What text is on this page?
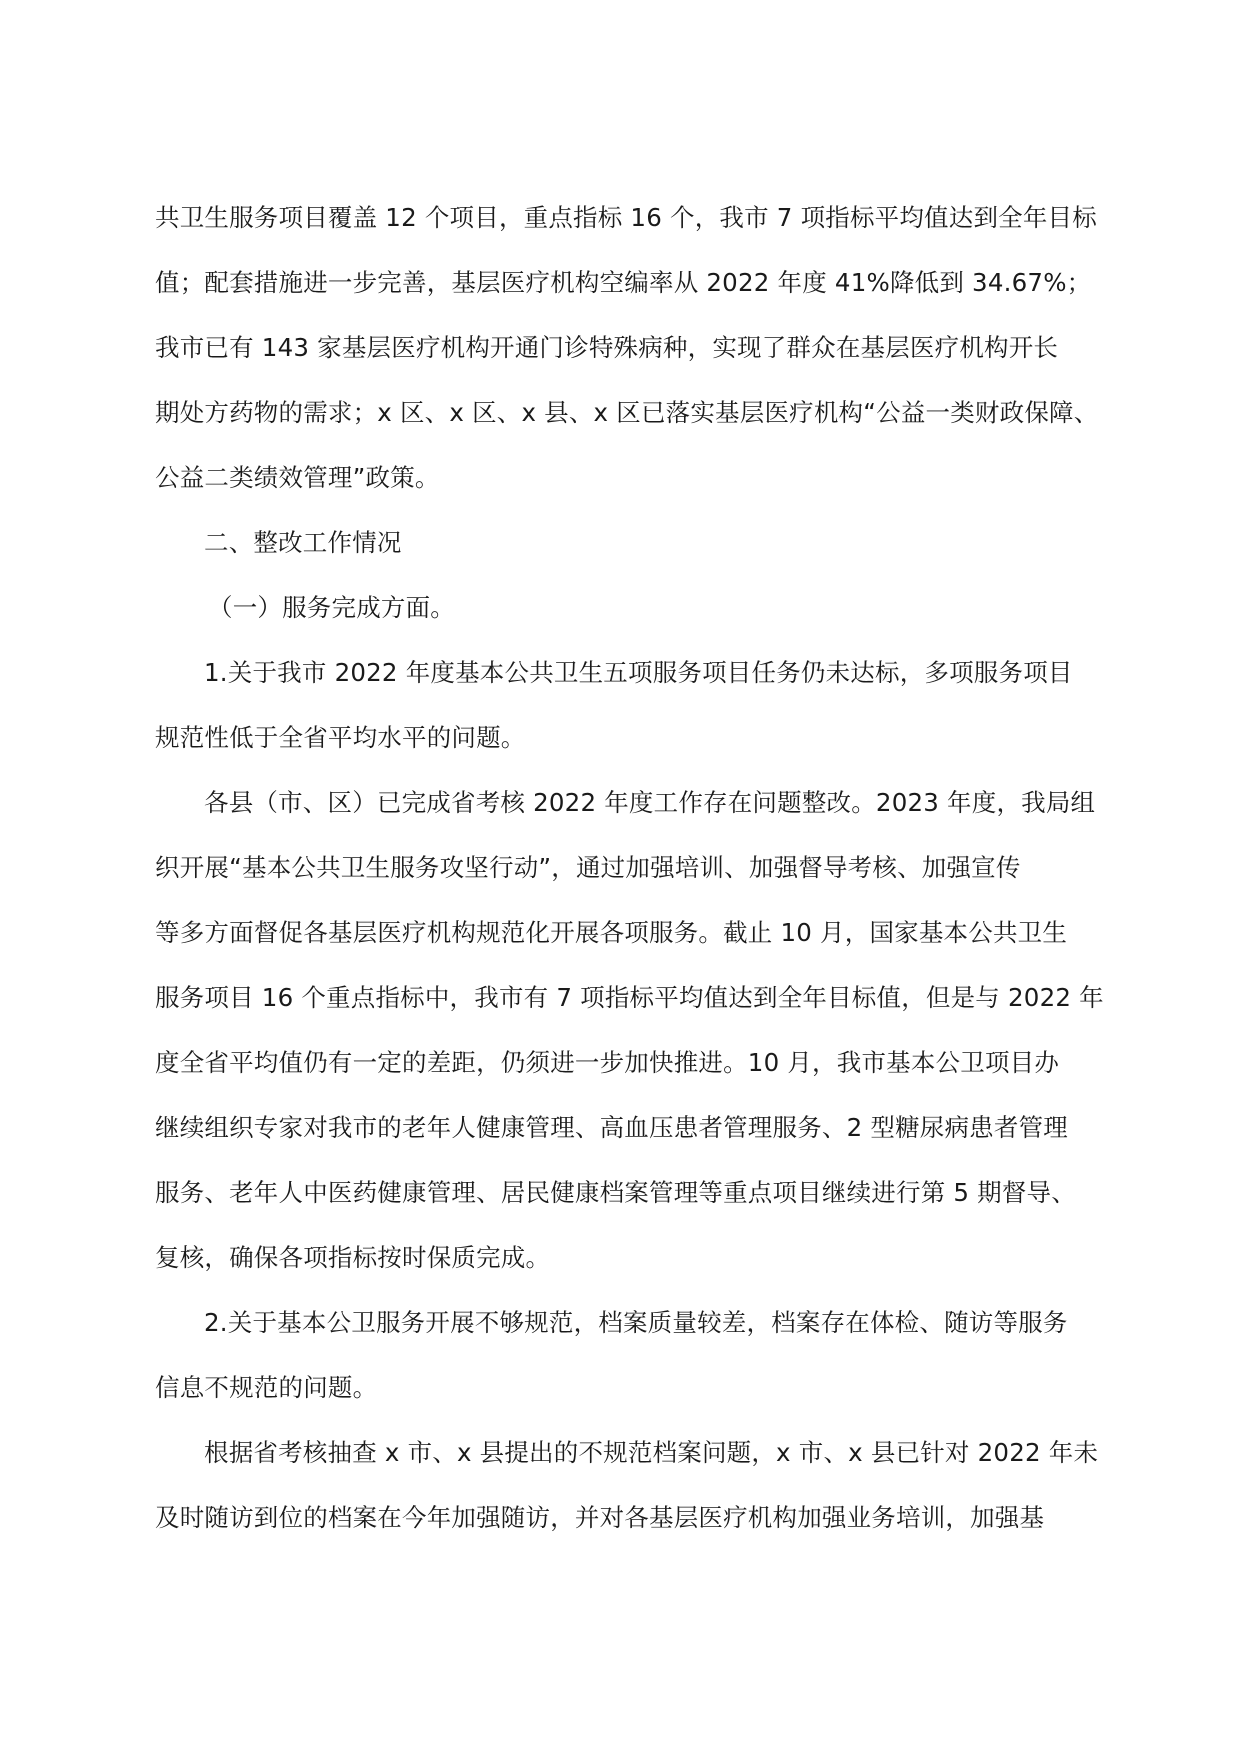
共卫生服务项目覆盖 12 个项目，重点指标 16 个，我市 7 项指标平均值达到全年目标
值；配套措施进一步完善，基层医疗机构空编率从 2022 年度 41%降低到 34.67%；
我市已有 143 家基层医疗机构开通门诊特殊病种，实现了群众在基层医疗机构开长
期处方药物的需求；x 区、x 区、x 县、x 区已落实基层医疗机构“公益一类财政保障、
公益二类绩效管理”政策。
二、整改工作情况
（一）服务完成方面。
1.关于我市 2022 年度基本公共卫生五项服务项目任务仍未达标，多项服务项目
规范性低于全省平均水平的问题。
各县（市、区）已完成省考核 2022 年度工作存在问题整改。2023 年度，我局组
织开展“基本公共卫生服务攻坚行动”，通过加强培训、加强督导考核、加强宣传
等多方面督促各基层医疗机构规范化开展各项服务。截止 10 月，国家基本公共卫生
服务项目 16 个重点指标中，我市有 7 项指标平均值达到全年目标值，但是与 2022 年
度全省平均值仍有一定的差距，仍须进一步加快推进。10 月，我市基本公卫项目办
继续组织专家对我市的老年人健康管理、高血压患者管理服务、2 型糖尿病患者管理
服务、老年人中医药健康管理、居民健康档案管理等重点项目继续进行第 5 期督导、
复核，确保各项指标按时保质完成。
2.关于基本公卫服务开展不够规范，档案质量较差，档案存在体检、随访等服务
信息不规范的问题。
根据省考核抽查 x 市、x 县提出的不规范档案问题，x 市、x 县已针对 2022 年未
及时随访到位的档案在今年加强随访，并对各基层医疗机构加强业务培训，加强基
